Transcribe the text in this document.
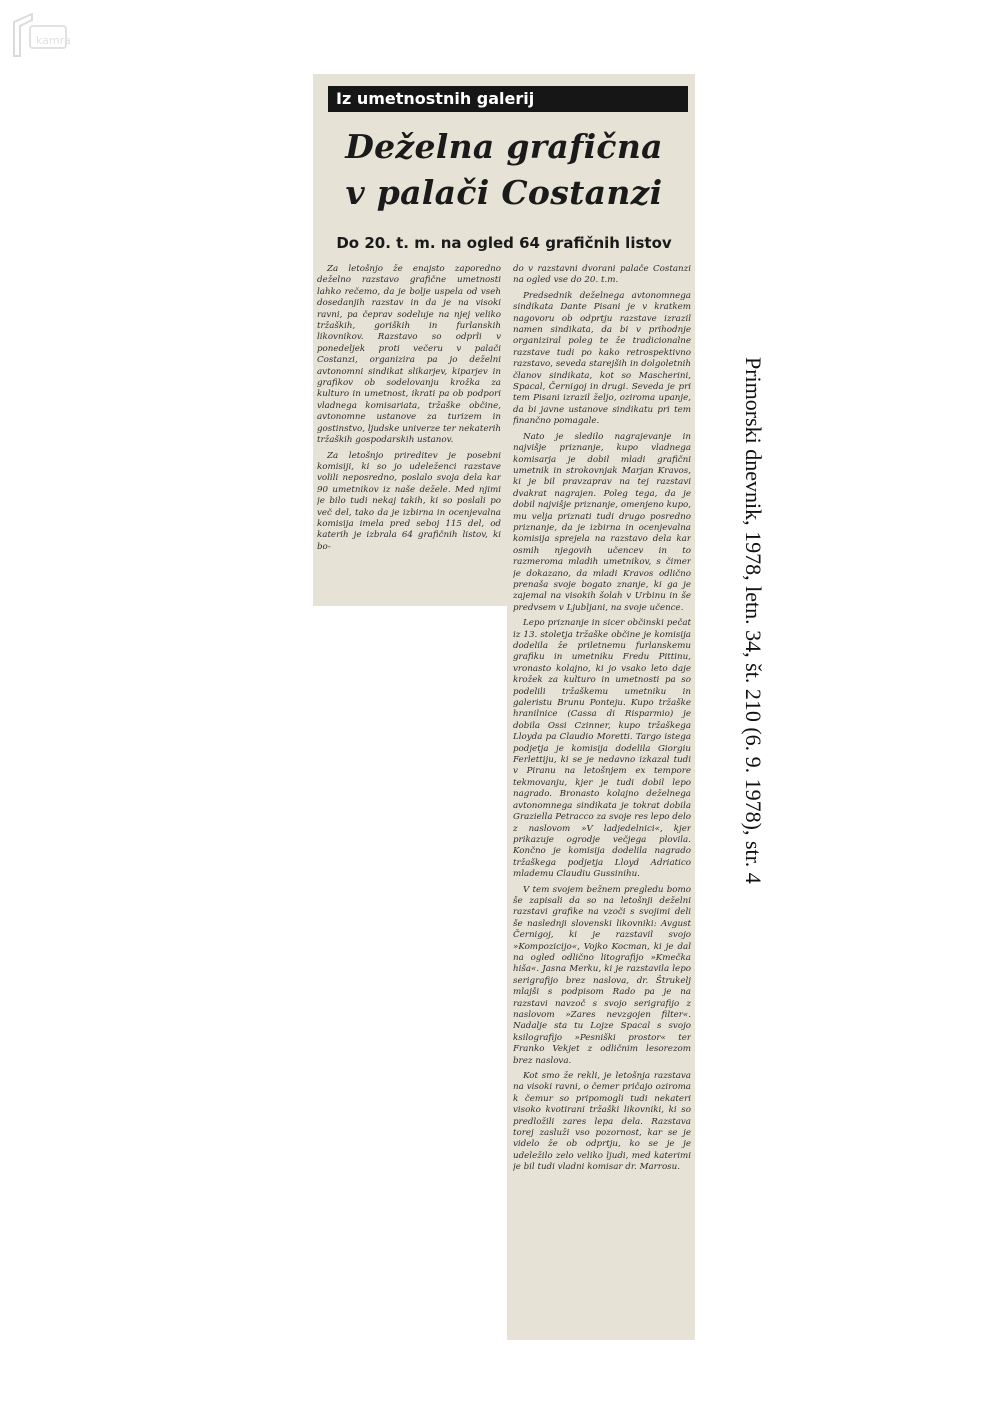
kamra
Iz umetnostnih galerij
Deželna grafična
v palači Costanzi
Do 20. t. m. na ogled 64 grafičnih listov

Za letošnjo že enajsto zaporedno deželno razstavo grafične umetnosti lahko rečemo, da je bolje uspela od vseh dosedanjih razstav in da je na visoki ravni, pa čeprav sodeluje na njej veliko tržaških, goriških in furlanskih likovnikov. Razstavo so odprli v ponedeljek proti večeru v palači Costanzi, organizira pa jo deželni avtonomni sindikat slikarjev, kiparjev in grafikov ob sodelovanju krožka za kulturo in umetnost, ikrati pa ob podpori vladnega komisariata, tržaške občine, avtonomne ustanove za turizem in gostinstvo, ljudske univerze ter nekaterih tržaških gospodarskih ustanov.

Za letošnjo prireditev je posebni komisiji, ki so jo udeleženci razstave volili neposredno, poslalo svoja dela kar 90 umetnikov iz naše dežele. Med njimi je bilo tudi nekaj takih, ki so poslali po več del, tako da je izbirna in ocenjevalna komisija imela pred seboj 115 del, od katerih je izbrala 64 grafičnih listov, ki bo-

do v razstavni dvorani palače Costanzi na ogled vse do 20. t.m.

Predsednik deželnega avtonomnega sindikata Dante Pisani je v kratkem nagovoru ob odprtju razstave izrazil namen sindikata, da bi v prihodnje organiziral poleg te že tradicionalne razstave tudi po kako retrospektivno razstavo, seveda starejših in dolgoletnih članov sindikata, kot so Mascherini, Spacal, Černigoj in drugi. Seveda je pri tem Pisani izrazil željo, oziroma upanje, da bi javne ustanove sindikatu pri tem finančno pomagale.

Nato je sledilo nagrajevanje in najvišje priznanje, kupo vladnega komisarja je dobil mladi grafični umetnik in strokovnjak Marjan Kravos, ki je bil pravzaprav na tej razstavi dvakrat nagrajen. Poleg tega, da je dobil najvišje priznanje, omenjeno kupo, mu velja priznati tudi drugo posredno priznanje, da je izbirna in ocenjevalna komisija sprejela na razstavo dela kar osmih njegovih učencev in to razmeroma mladih umetnikov, s čimer je dokazano, da mladi Kravos odlično prenaša svoje bogato znanje, ki ga je zajemal na visokih šolah v Urbinu in še predvsem v Ljubljani, na svoje učence.

Lepo priznanje in sicer občinski pečat iz 13. stoletja tržaške občine je komisija dodelila že priletnemu furlanskemu grafiku in umetniku Fredu Pittinu, vronasto kolajno, ki jo vsako leto daje krožek za kulturo in umetnosti pa so podelili tržaškemu umetniku in galeristu Brunu Ponteju. Kupo tržaške hranilnice (Cassa di Risparmio) je dobila Ossi Czinner, kupo tržaškega Lloyda pa Claudio Moretti. Targo istega podjetja je komisija dodelila Giorgiu Ferlettiju, ki se je nedavno izkazal tudi v Piranu na letošnjem ex tempore tekmovanju, kjer je tudi dobil lepo nagrado. Bronasto kolajno deželnega avtonomnega sindikata je tokrat dobila Graziella Petracco za svoje res lepo delo z naslovom »V ladjedelnici«, kjer prikazuje ogrodje večjega plovila. Končno je komisija dodelila nagrado tržaškega podjetja Lloyd Adriatico mlademu Claudiu Gussinihu.

V tem svojem bežnem pregledu bomo še zapisali da so na letošnji deželni razstavi grafike na vzoči s svojimi deli še naslednji slovenski likovniki: Avgust Černigoj, ki je razstavil svojo »Kompozicijo«, Vojko Kocman, ki je dal na ogled odlično litografijo »Kmečka hiša«. Jasna Merku, ki je razstavila lepo serigrafijo brez naslova, dr. Štrukelj mlajši s podpisom Rado pa je na razstavi navzoč s svojo serigrafijo z naslovom »Zares nevzgojen filter«. Nadalje sta tu Lojze Spacal s svojo ksilografijo »Pesniški prostor« ter Franko Vekjet z odličnim lesorezom brez naslova.

Kot smo že rekli, je letošnja razstava na visoki ravni, o čemer pričajo oziroma k čemur so pripomogli tudi nekateri visoko kvotirani tržaški likovniki, ki so predložili zares lepa dela. Razstava torej zasluži vso pozornost, kar se je videlo že ob odprtju, ko se je je udeležilo zelo veliko ljudi, med katerimi je bil tudi vladni komisar dr. Marrosu.

Primorski dnevnik, 1978, letn. 34, št. 210 (6. 9. 1978), str. 4
